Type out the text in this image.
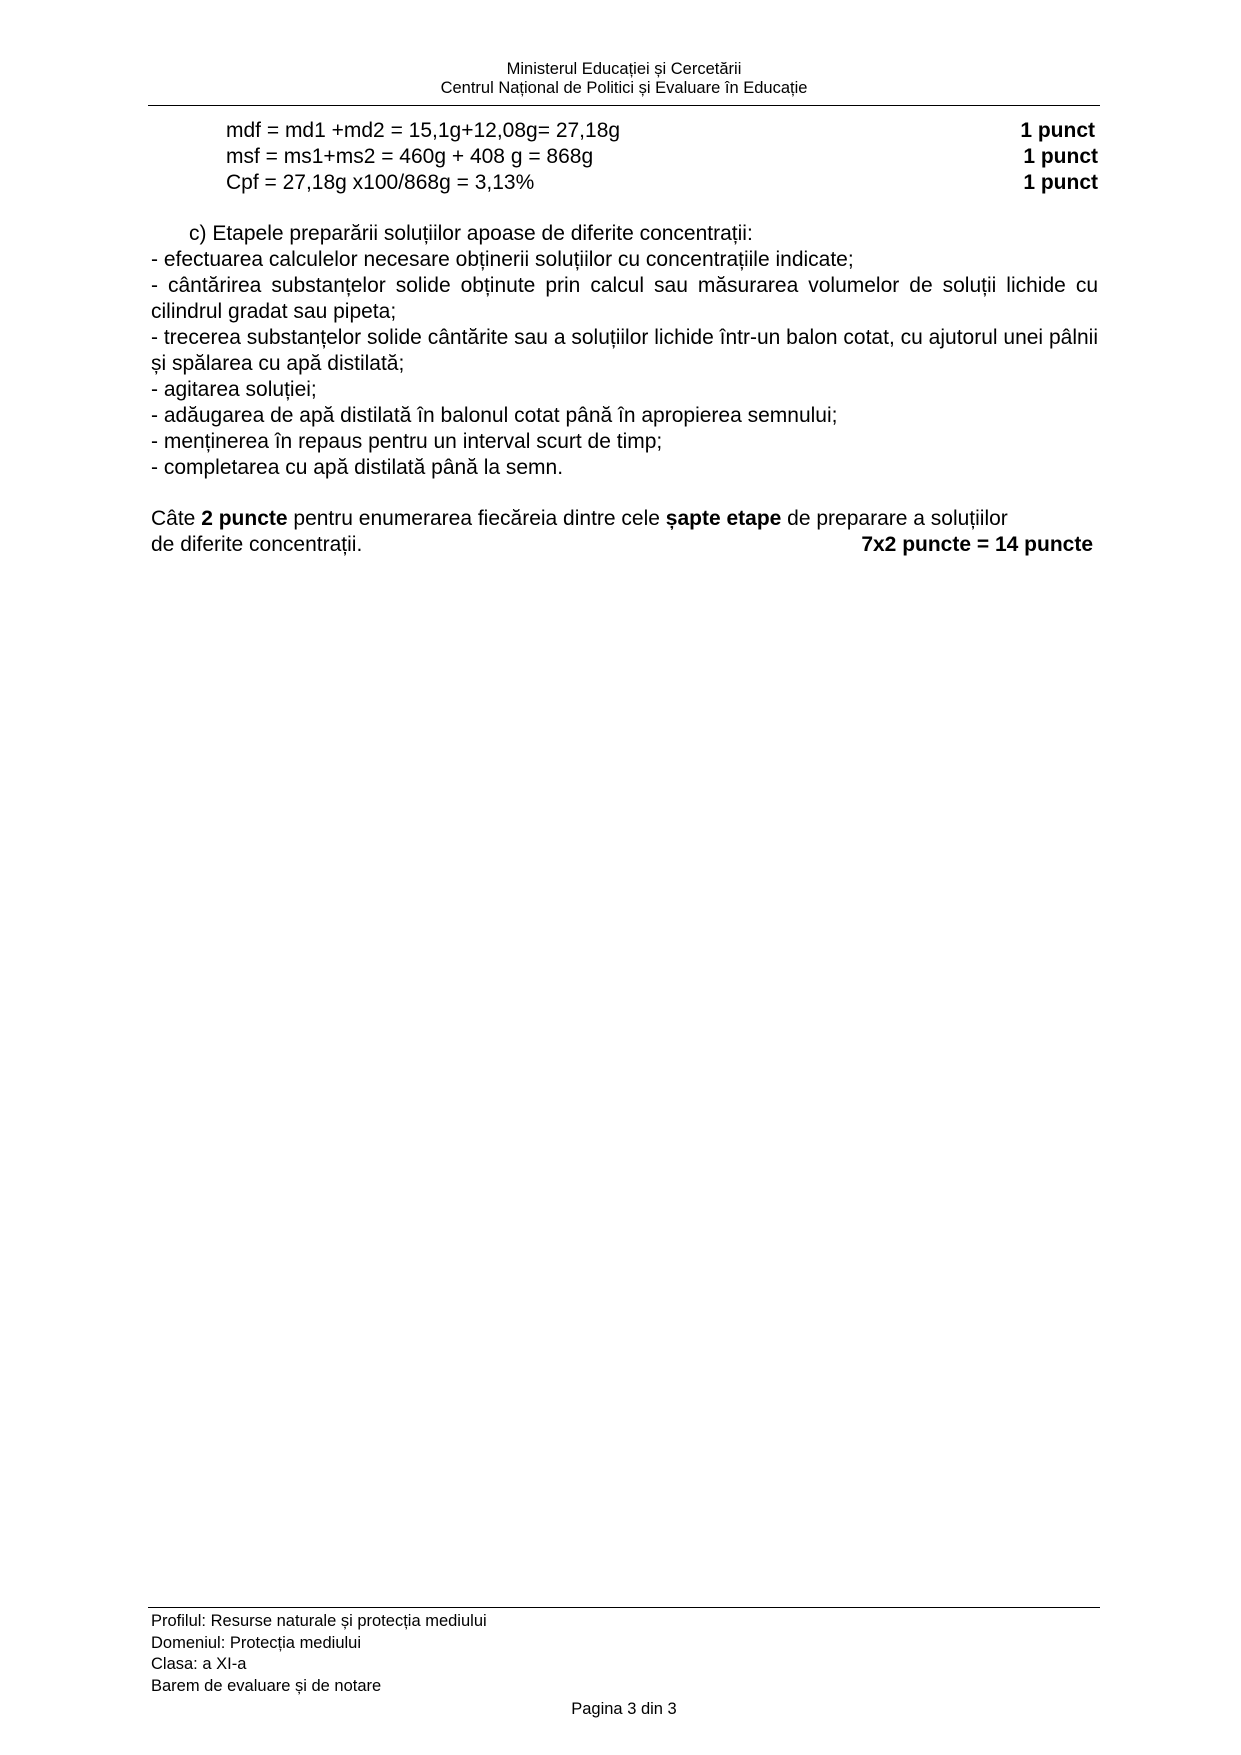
Ministerul Educației și Cercetării
Centrul Național de Politici și Evaluare în Educație
mdf = md1 +md2 = 15,1g+12,08g= 27,18g	1 punct
msf = ms1+ms2 = 460g + 408 g = 868g	1 punct
Cpf = 27,18g x100/868g = 3,13%	1 punct
c) Etapele preparării soluțiilor apoase de diferite concentrații:
- efectuarea calculelor necesare obținerii soluțiilor cu concentrațiile indicate;
- cântărirea substanțelor solide obținute prin calcul sau măsurarea volumelor de soluții lichide cu cilindrul gradat sau pipeta;
- trecerea substanțelor solide cântărite sau a soluțiilor lichide într-un balon cotat, cu ajutorul unei pâlnii și spălarea cu apă distilată;
- agitarea soluției;
- adăugarea de apă distilată în balonul cotat până în apropierea semnului;
- menținerea în repaus pentru un interval scurt de timp;
- completarea cu apă distilată până la semn.
Câte 2 puncte pentru enumerarea fiecăreia dintre cele șapte etape de preparare a soluțiilor
de diferite concentrații.	7x2 puncte = 14 puncte
Profilul: Resurse naturale și protecția mediului
Domeniul: Protecția mediului
Clasa: a XI-a
Barem de evaluare și de notare
Pagina 3 din 3
